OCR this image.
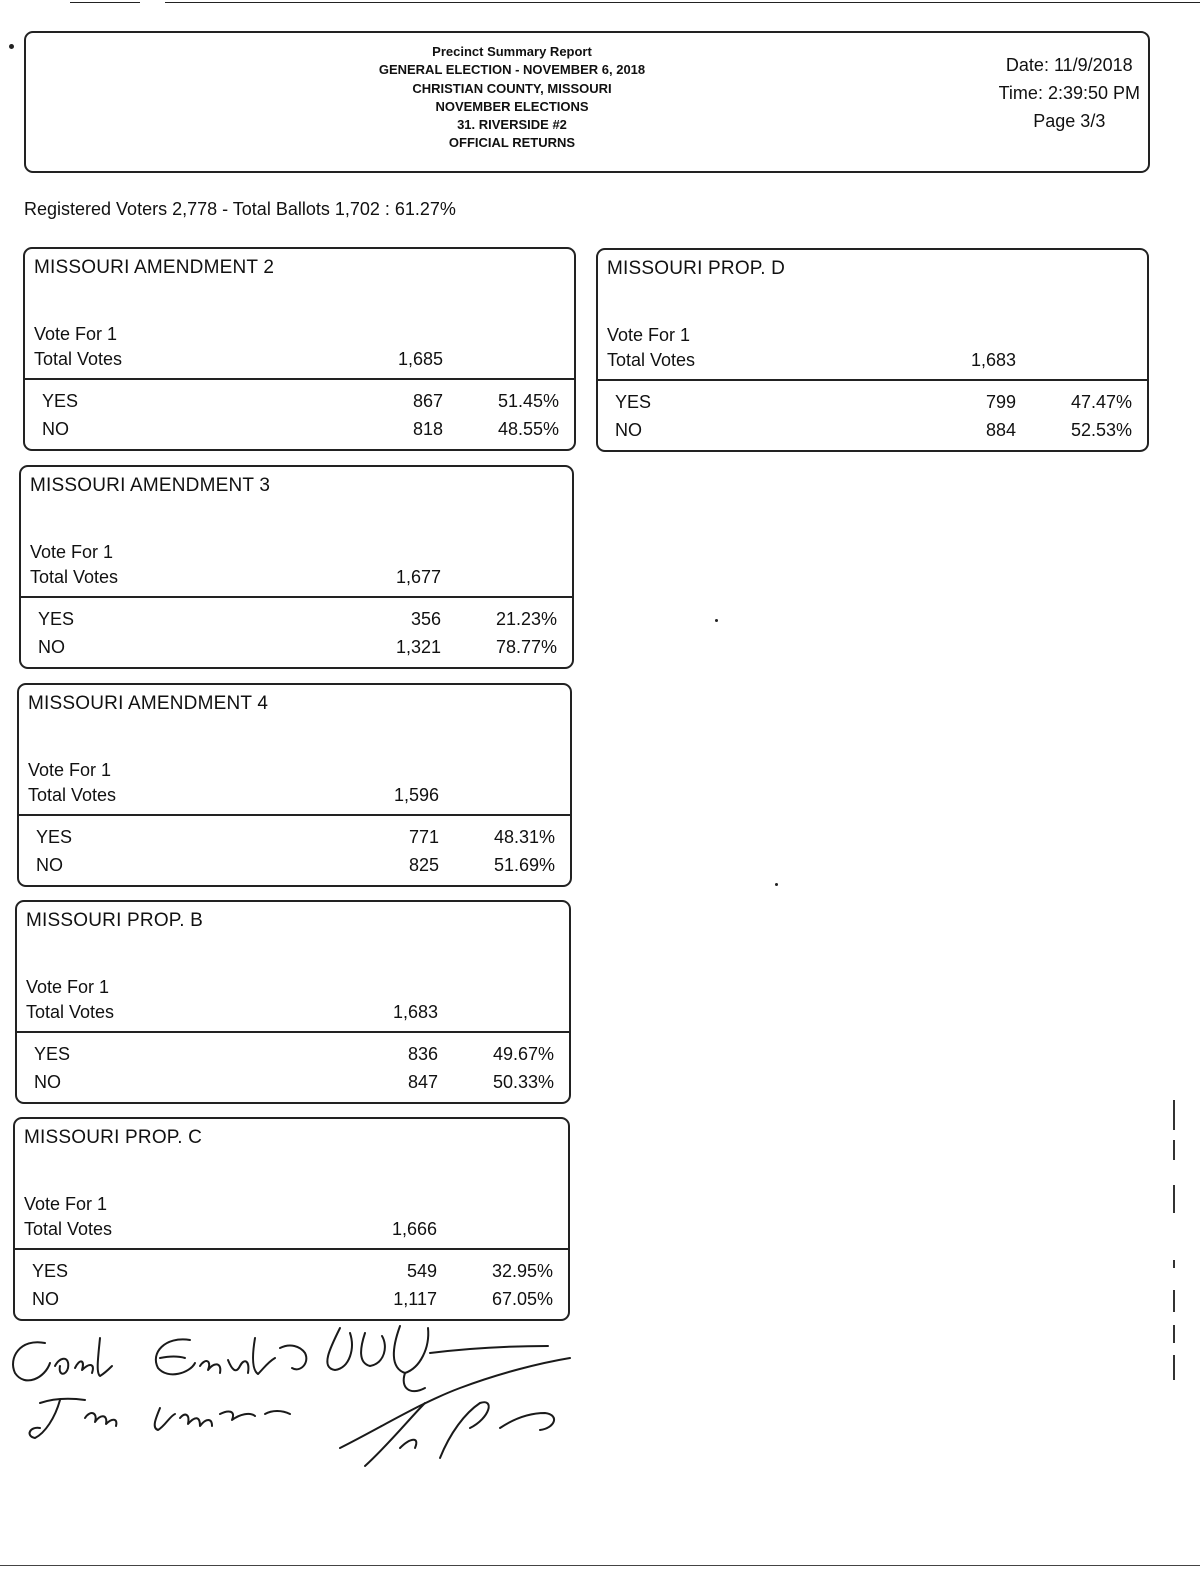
Precinct Summary Report
GENERAL ELECTION - NOVEMBER 6, 2018
CHRISTIAN COUNTY, MISSOURI
NOVEMBER ELECTIONS
31. RIVERSIDE #2
OFFICIAL RETURNS
Date: 11/9/2018
Time: 2:39:50 PM
Page 3/3
Registered Voters 2,778 - Total Ballots 1,702 : 61.27%
MISSOURI AMENDMENT 2
Vote For 1
Total Votes	1,685
YES	867	51.45%
NO	818	48.55%
MISSOURI PROP. D
Vote For 1
Total Votes	1,683
YES	799	47.47%
NO	884	52.53%
MISSOURI AMENDMENT 3
Vote For 1
Total Votes	1,677
YES	356	21.23%
NO	1,321	78.77%
MISSOURI AMENDMENT 4
Vote For 1
Total Votes	1,596
YES	771	48.31%
NO	825	51.69%
MISSOURI PROP. B
Vote For 1
Total Votes	1,683
YES	836	49.67%
NO	847	50.33%
MISSOURI PROP. C
Vote For 1
Total Votes	1,666
YES	549	32.95%
NO	1,117	67.05%
